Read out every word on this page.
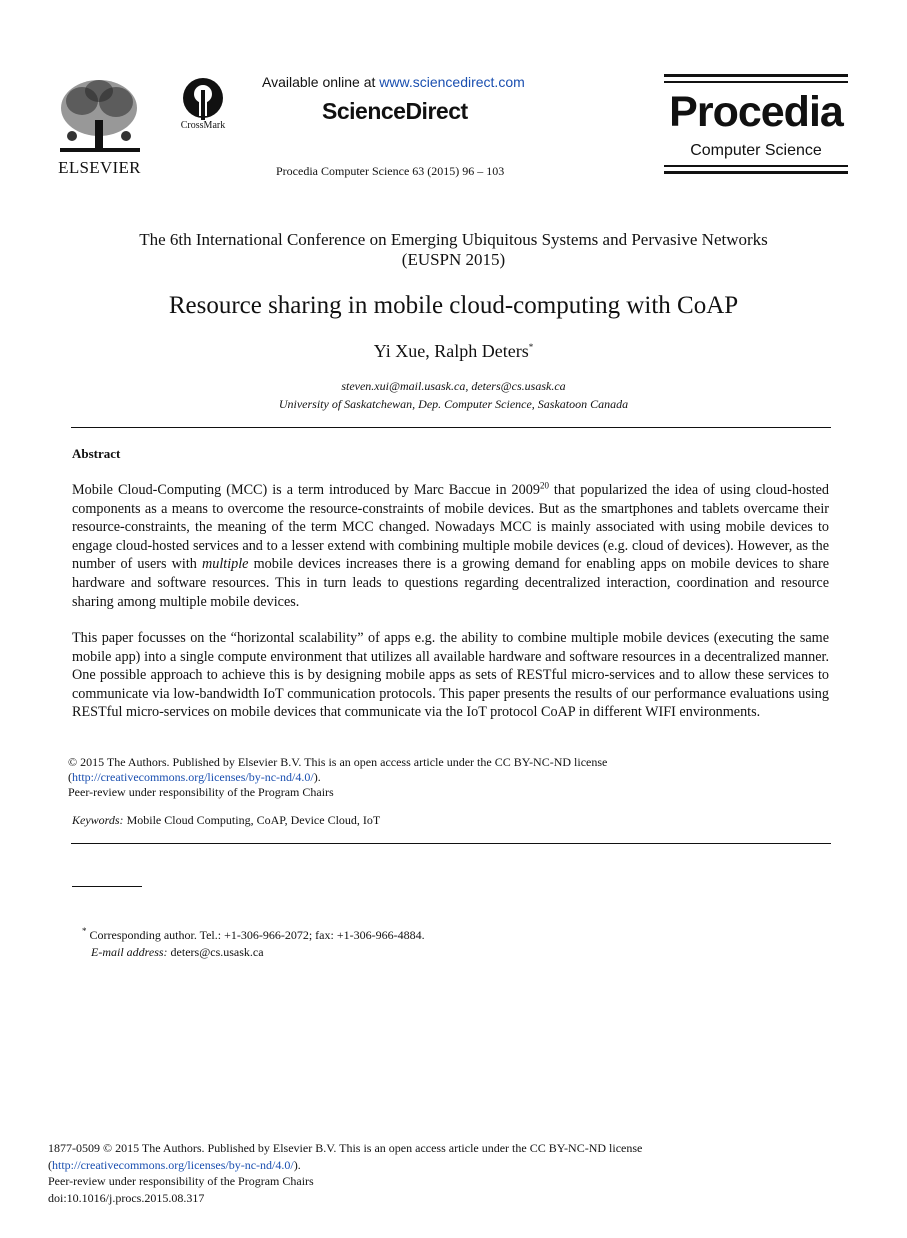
ELSEVIER
CrossMark
Available online at www.sciencedirect.com
ScienceDirect
Procedia Computer Science 63 (2015) 96 – 103
Procedia
Computer Science
The 6th International Conference on Emerging Ubiquitous Systems and Pervasive Networks
(EUSPN 2015)
Resource sharing in mobile cloud-computing with CoAP
Yi Xue, Ralph Deters*
steven.xui@mail.usask.ca, deters@cs.usask.ca
University of Saskatchewan, Dep. Computer Science, Saskatoon Canada
Abstract
Mobile Cloud-Computing (MCC) is a term introduced by Marc Baccue in 2009$^{20}$ that popularized the idea of using cloud-hosted components as a means to overcome the resource-constraints of mobile devices. But as the smartphones and tablets overcame their resource-constraints, the meaning of the term MCC changed. Nowadays MCC is mainly associated with using mobile devices to engage cloud-hosted services and to a lesser extend with combining multiple mobile devices (e.g. cloud of devices). However, as the number of users with multiple mobile devices increases there is a growing demand for enabling apps on mobile devices to share hardware and software resources. This in turn leads to questions regarding decentralized interaction, coordination and resource sharing among multiple mobile devices.
This paper focusses on the “horizontal scalability” of apps e.g. the ability to combine multiple mobile devices (executing the same mobile app) into a single compute environment that utilizes all available hardware and software resources in a decentralized manner. One possible approach to achieve this is by designing mobile apps as sets of RESTful micro-services and to allow these services to communicate via low-bandwidth IoT communication protocols. This paper presents the results of our performance evaluations using RESTful micro-services on mobile devices that communicate via the IoT protocol CoAP in different WIFI environments.
© 2015 The Authors. Published by Elsevier B.V. This is an open access article under the CC BY-NC-ND license
(http://creativecommons.org/licenses/by-nc-nd/4.0/).
Peer-review under responsibility of the Program Chairs
Keywords: Mobile Cloud Computing, CoAP, Device Cloud, IoT
* Corresponding author. Tel.: +1-306-966-2072; fax: +1-306-966-4884.
E-mail address: deters@cs.usask.ca
1877-0509 © 2015 The Authors. Published by Elsevier B.V. This is an open access article under the CC BY-NC-ND license
(http://creativecommons.org/licenses/by-nc-nd/4.0/).
Peer-review under responsibility of the Program Chairs
doi:10.1016/j.procs.2015.08.317
